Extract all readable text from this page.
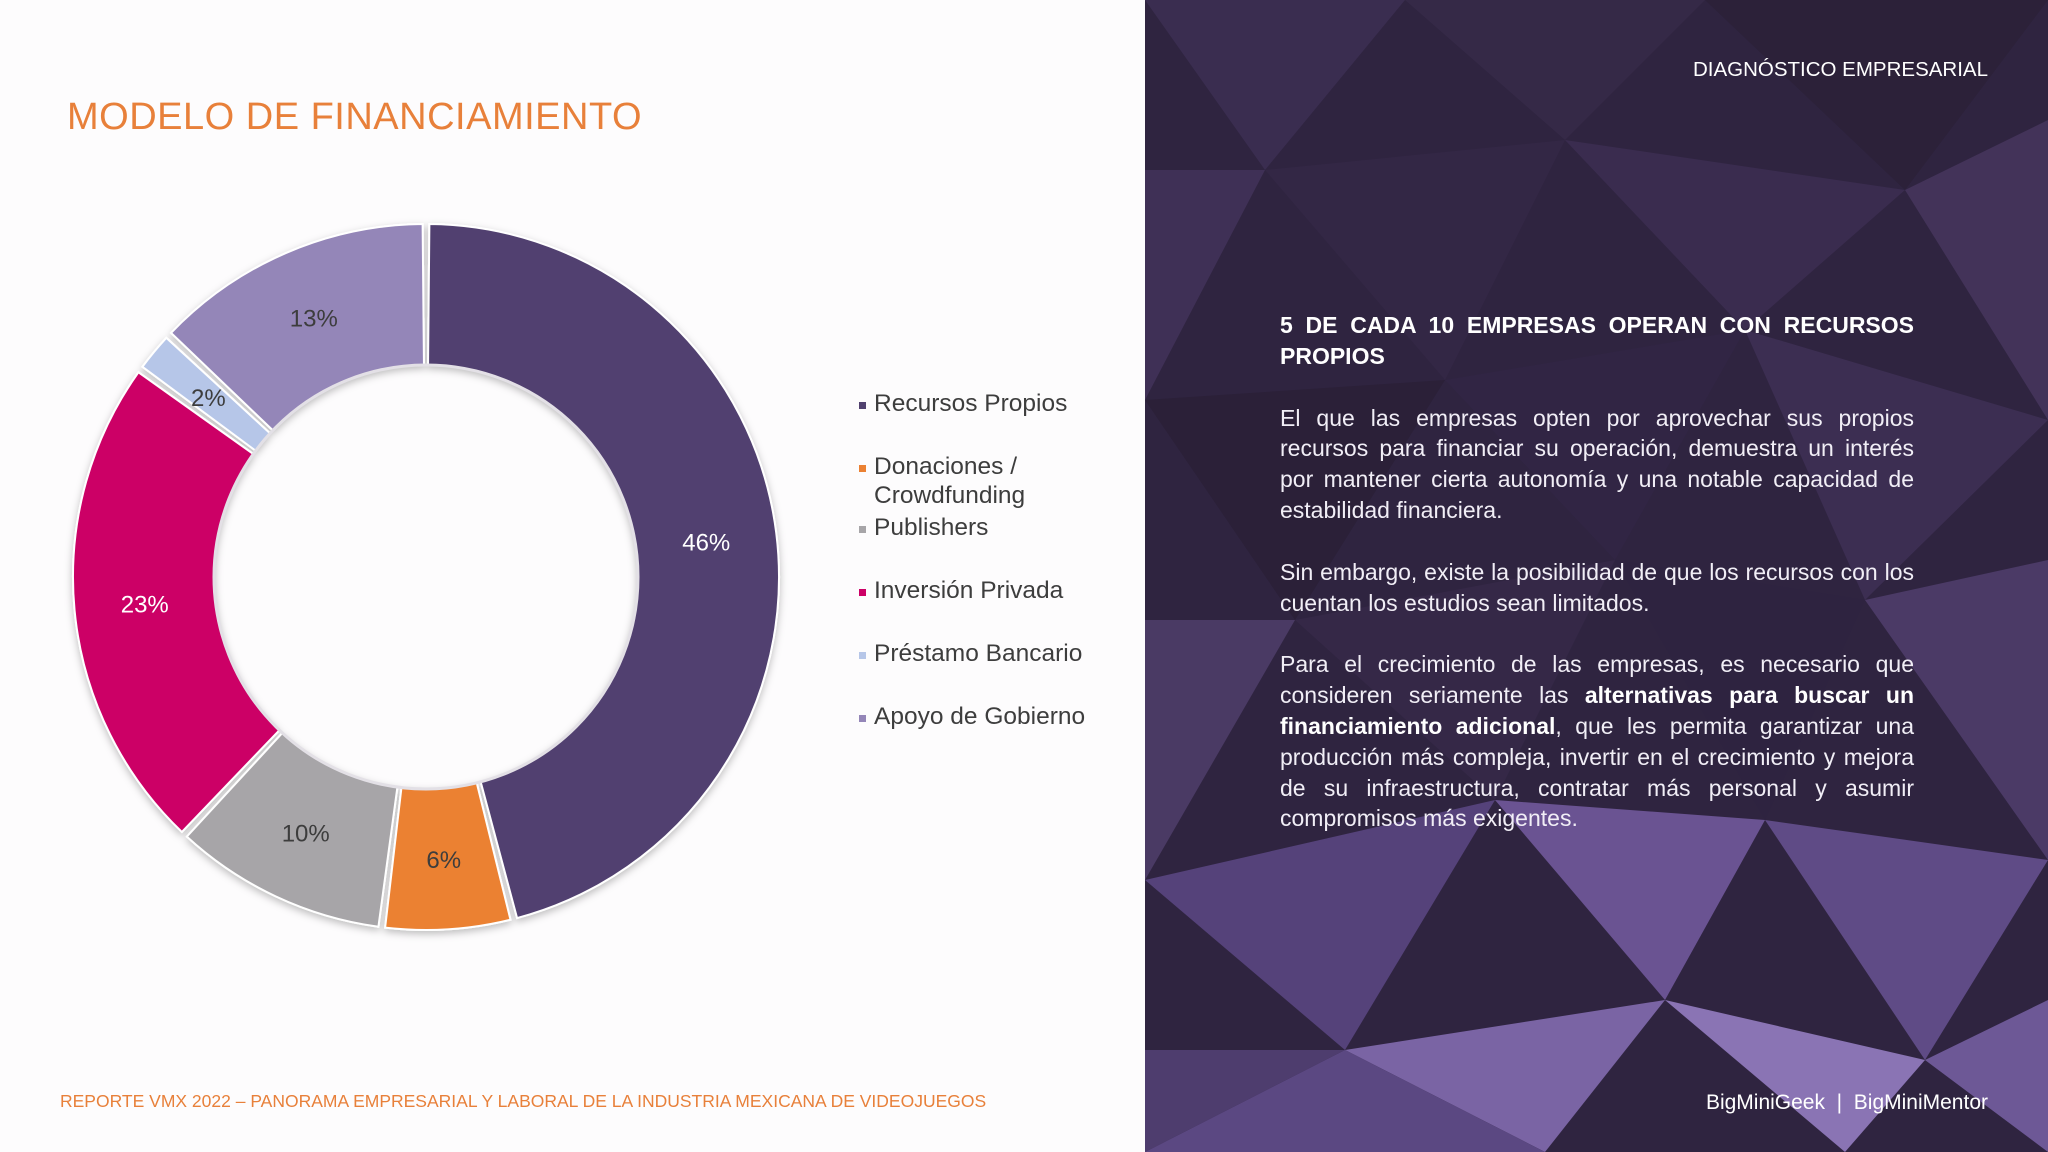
MODELO DE FINANCIAMIENTO
46%
6%
10%
23%
2%
13%
Recursos Propios
Donaciones /
Crowdfunding
Publishers
Inversión Privada
Préstamo Bancario
Apoyo de Gobierno
REPORTE VMX 2022 – PANORAMA EMPRESARIAL Y LABORAL DE LA INDUSTRIA MEXICANA DE VIDEOJUEGOS
DIAGNÓSTICO EMPRESARIAL

5 DE CADA 10 EMPRESAS OPERAN CON RECURSOS PROPIOS

El que las empresas opten por aprovechar sus propios recursos para financiar su operación, demuestra un interés por mantener cierta autonomía y una notable capacidad de estabilidad financiera.

Sin embargo, existe la posibilidad de que los recursos con los cuentan los estudios sean limitados.

Para el crecimiento de las empresas, es necesario que consideren seriamente las alternativas para buscar un financiamiento adicional, que les permita garantizar una producción más compleja, invertir en el crecimiento y mejora de su infraestructura, contratar más personal y asumir compromisos más exigentes.

BigMiniGeek  |  BigMiniMentor
